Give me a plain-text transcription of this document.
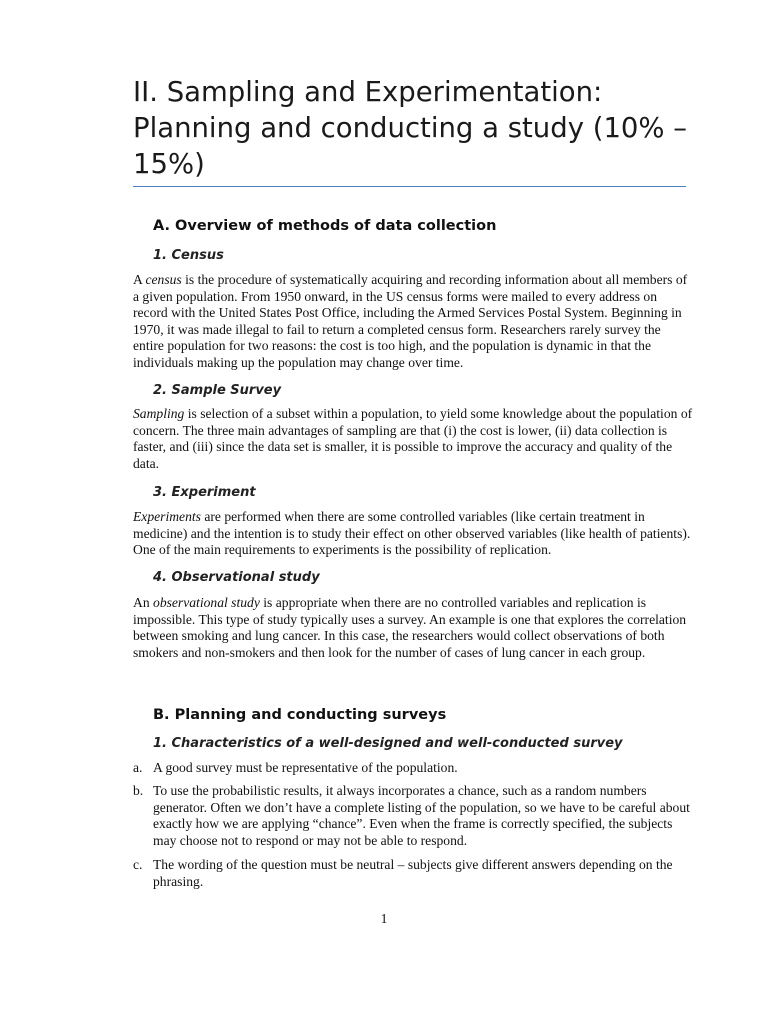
II. Sampling and Experimentation:
Planning and conducting a study (10% –
15%)
A. Overview of methods of data collection
1. Census

A census is the procedure of systematically acquiring and recording information about all members of a given population. From 1950 onward, in the US census forms were mailed to every address on record with the United States Post Office, including the Armed Services Postal System. Beginning in 1970, it was made illegal to fail to return a completed census form. Researchers rarely survey the entire population for two reasons: the cost is too high, and the population is dynamic in that the individuals making up the population may change over time.

2. Sample Survey

Sampling is selection of a subset within a population, to yield some knowledge about the population of concern. The three main advantages of sampling are that (i) the cost is lower, (ii) data collection is faster, and (iii) since the data set is smaller, it is possible to improve the accuracy and quality of the data.

3. Experiment

Experiments are performed when there are some controlled variables (like certain treatment in medicine) and the intention is to study their effect on other observed variables (like health of patients). One of the main requirements to experiments is the possibility of replication.

4. Observational study

An observational study is appropriate when there are no controlled variables and replication is impossible. This type of study typically uses a survey. An example is one that explores the correlation between smoking and lung cancer. In this case, the researchers would collect observations of both smokers and non-smokers and then look for the number of cases of lung cancer in each group.

B. Planning and conducting surveys
1. Characteristics of a well-designed and well-conducted survey
a. A good survey must be representative of the population.
b. To use the probabilistic results, it always incorporates a chance, such as a random numbers generator. Often we don’t have a complete listing of the population, so we have to be careful about exactly how we are applying “chance”. Even when the frame is correctly specified, the subjects may choose not to respond or may not be able to respond.
c. The wording of the question must be neutral – subjects give different answers depending on the phrasing.

1
